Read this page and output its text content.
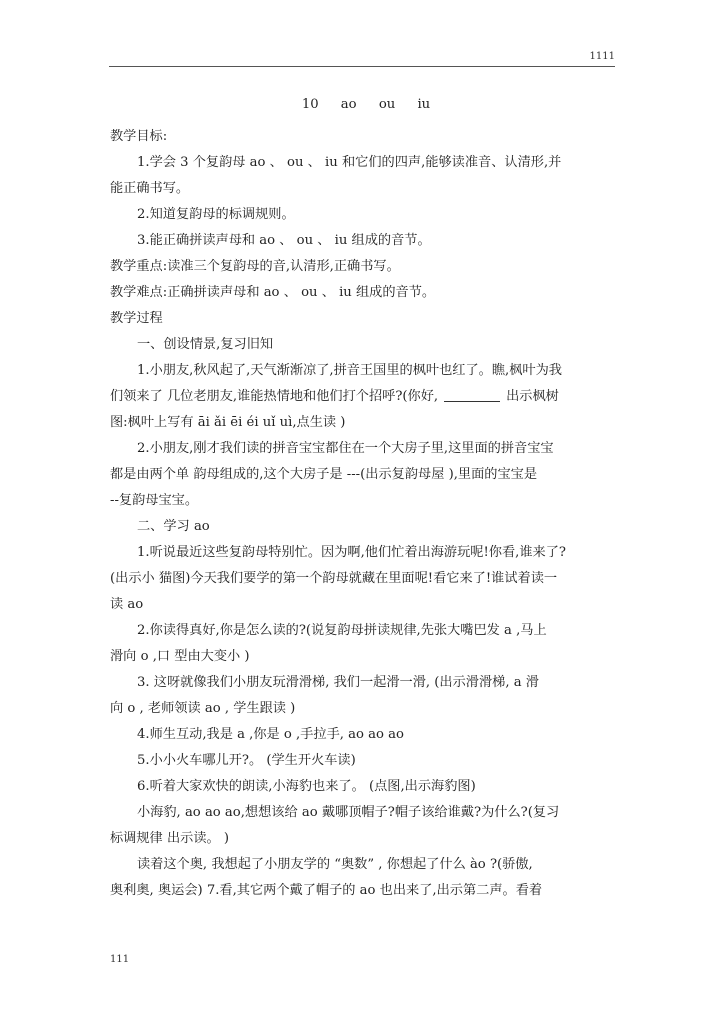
1111
10 ao ou iu
教学目标:
1.学会 3 个复韵母 ao 、 ou 、 iu 和它们的四声,能够读准音、认清形,并
能正确书写。
2.知道复韵母的标调规则。
3.能正确拼读声母和 ao 、 ou 、 iu 组成的音节。
教学重点:读准三个复韵母的音,认清形,正确书写。
教学难点:正确拼读声母和 ao 、 ou 、 iu 组成的音节。
教学过程
一、创设情景,复习旧知
1.小朋友,秋风起了,天气渐渐凉了,拼音王国里的枫叶也红了。瞧,枫叶为我
们领来了 几位老朋友,谁能热情地和他们打个招呼?(你好,	出示枫树
图:枫叶上写有 āi ǎi ēi éi uǐ uì,点生读 )
2.小朋友,刚才我们读的拼音宝宝都住在一个大房子里,这里面的拼音宝宝
都是由两个单 韵母组成的,这个大房子是 ---(出示复韵母屋 ),里面的宝宝是
--复韵母宝宝。
二、学习 ao
1.听说最近这些复韵母特别忙。因为啊,他们忙着出海游玩呢!你看,谁来了?
(出示小 猫图)今天我们要学的第一个韵母就藏在里面呢!看它来了!谁试着读一
读 ao
2.你读得真好,你是怎么读的?(说复韵母拼读规律,先张大嘴巴发 a ,马上
滑向 o ,口 型由大变小 )
3. 这呀就像我们小朋友玩滑滑梯, 我们一起滑一滑, (出示滑滑梯, a 滑
向 o , 老师领读 ao , 学生跟读 )
4.师生互动,我是 a ,你是 o ,手拉手, ao ao ao
5.小小火车哪儿开?。 (学生开火车读)
6.听着大家欢快的朗读,小海豹也来了。 (点图,出示海豹图)
小海豹, ao ao ao,想想该给 ao 戴哪顶帽子?帽子该给谁戴?为什么?(复习
标调规律 出示读。 )
读着这个奥, 我想起了小朋友学的 “奥数” , 你想起了什么 ào ?(骄傲,
奥利奥, 奥运会) 7.看,其它两个戴了帽子的 ao 也出来了,出示第二声。看着
111
